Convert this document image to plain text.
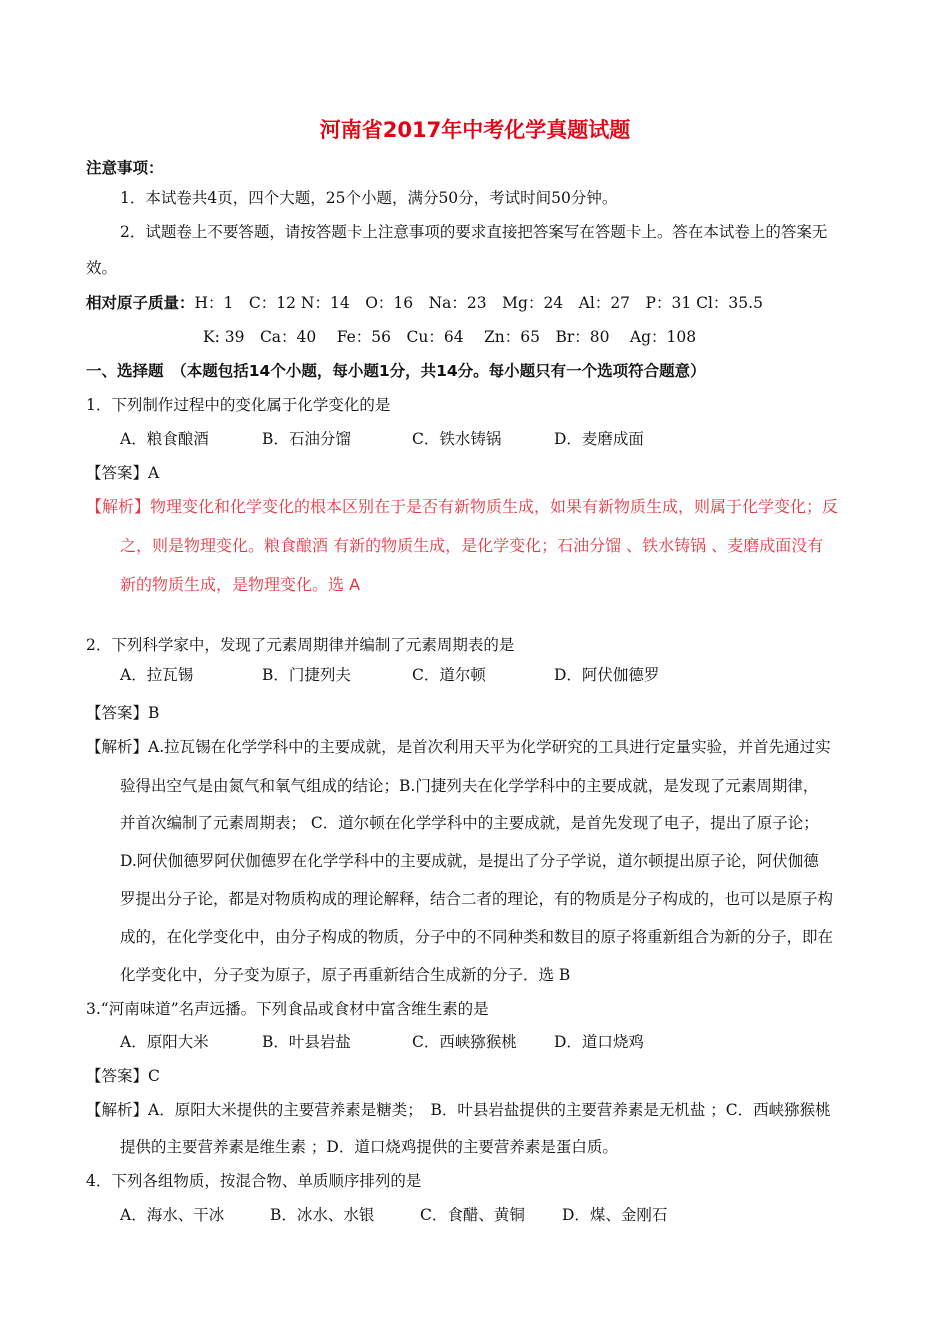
河南省2017年中考化学真题试题
注意事项：
1．本试卷共4页，四个大题，25个小题，满分50分，考试时间50分钟。
2．试题卷上不要答题，请按答题卡上注意事项的要求直接把答案写在答题卡上。答在本试卷上的答案无
效。
相对原子质量：H：1　C：12 N：14　O：16　Na：23　Mg：24　Al：27　P：31 Cl：35.5
K: 39　Ca：40　 Fe：56　Cu：64　 Zn：65　Br：80　 Ag：108
一、选择题　（本题包括14个小题，每小题1分，共14分。每小题只有一个选项符合题意）
1．下列制作过程中的变化属于化学变化的是
A．粮食酿酒	B．石油分馏	C．铁水铸锅	D．麦磨成面
【答案】A
【解析】物理变化和化学变化的根本区别在于是否有新物质生成，如果有新物质生成，则属于化学变化；反
之，则是物理变化。粮食酿酒 有新的物质生成，是化学变化；石油分馏 、铁水铸锅 、麦磨成面没有
新的物质生成，是物理变化。选 A
2．下列科学家中，发现了元素周期律并编制了元素周期表的是
A．拉瓦锡	B．门捷列夫	C．道尔顿	D．阿伏伽德罗
【答案】B
【解析】A.拉瓦锡在化学学科中的主要成就，是首次利用天平为化学研究的工具进行定量实验，并首先通过实
验得出空气是由氮气和氧气组成的结论；B.门捷列夫在化学学科中的主要成就，是发现了元素周期律，
并首次编制了元素周期表； C．道尔顿在化学学科中的主要成就，是首先发现了电子，提出了原子论；
D.阿伏伽德罗阿伏伽德罗在化学学科中的主要成就，是提出了分子学说，道尔顿提出原子论，阿伏伽德
罗提出分子论，都是对物质构成的理论解释，结合二者的理论，有的物质是分子构成的，也可以是原子构
成的，在化学变化中，由分子构成的物质，分子中的不同种类和数目的原子将重新组合为新的分子，即在
化学变化中，分子变为原子，原子再重新结合生成新的分子．选 B
3.“河南味道”名声远播。下列食品或食材中富含维生素的是
A．原阳大米	B．叶县岩盐	C．西峡猕猴桃 D．道口烧鸡
【答案】C
【解析】A．原阳大米提供的主要营养素是糖类；　B．叶县岩盐提供的主要营养素是无机盐 ；C．西峡猕猴桃
提供的主要营养素是维生素 ；D．道口烧鸡提供的主要营养素是蛋白质。
4．下列各组物质，按混合物、单质顺序排列的是
A．海水、干冰	B．冰水、水银	C．食醋、黄铜 D．煤、金刚石
